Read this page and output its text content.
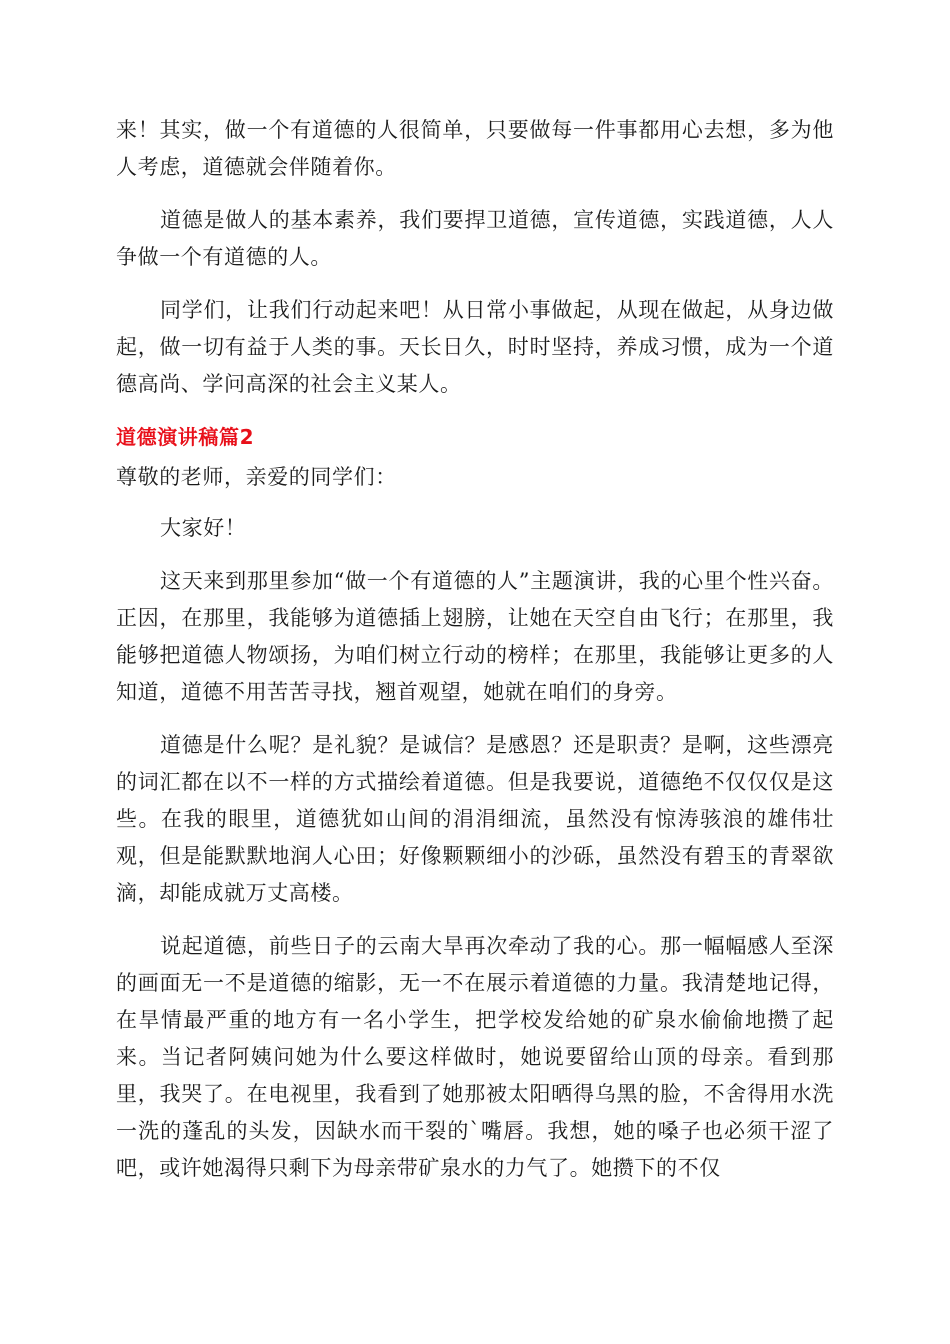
来！其实，做一个有道德的人很简单，只要做每一件事都用心去想，多为他人考虑，道德就会伴随着你。

道德是做人的基本素养，我们要捍卫道德，宣传道德，实践道德，人人争做一个有道德的人。

同学们，让我们行动起来吧！从日常小事做起，从现在做起，从身边做起，做一切有益于人类的事。天长日久，时时坚持，养成习惯，成为一个道德高尚、学问高深的社会主义某人。

道德演讲稿篇2

尊敬的老师，亲爱的同学们：

大家好！

这天来到那里参加“做一个有道德的人”主题演讲，我的心里个性兴奋。正因，在那里，我能够为道德插上翅膀，让她在天空自由飞行；在那里，我能够把道德人物颂扬，为咱们树立行动的榜样；在那里，我能够让更多的人知道，道德不用苦苦寻找，翘首观望，她就在咱们的身旁。

道德是什么呢？是礼貌？是诚信？是感恩？还是职责？是啊，这些漂亮的词汇都在以不一样的方式描绘着道德。但是我要说，道德绝不仅仅仅是这些。在我的眼里，道德犹如山间的涓涓细流，虽然没有惊涛骇浪的雄伟壮观，但是能默默地润人心田；好像颗颗细小的沙砾，虽然没有碧玉的青翠欲滴，却能成就万丈高楼。

说起道德，前些日子的云南大旱再次牵动了我的心。那一幅幅感人至深的画面无一不是道德的缩影，无一不在展示着道德的力量。我清楚地记得，在旱情最严重的地方有一名小学生，把学校发给她的矿泉水偷偷地攒了起来。当记者阿姨问她为什么要这样做时，她说要留给山顶的母亲。看到那里，我哭了。在电视里，我看到了她那被太阳晒得乌黑的脸，不舍得用水洗一洗的蓬乱的头发，因缺水而干裂的`嘴唇。我想，她的嗓子也必须干涩了吧，或许她渴得只剩下为母亲带矿泉水的力气了。她攒下的不仅
